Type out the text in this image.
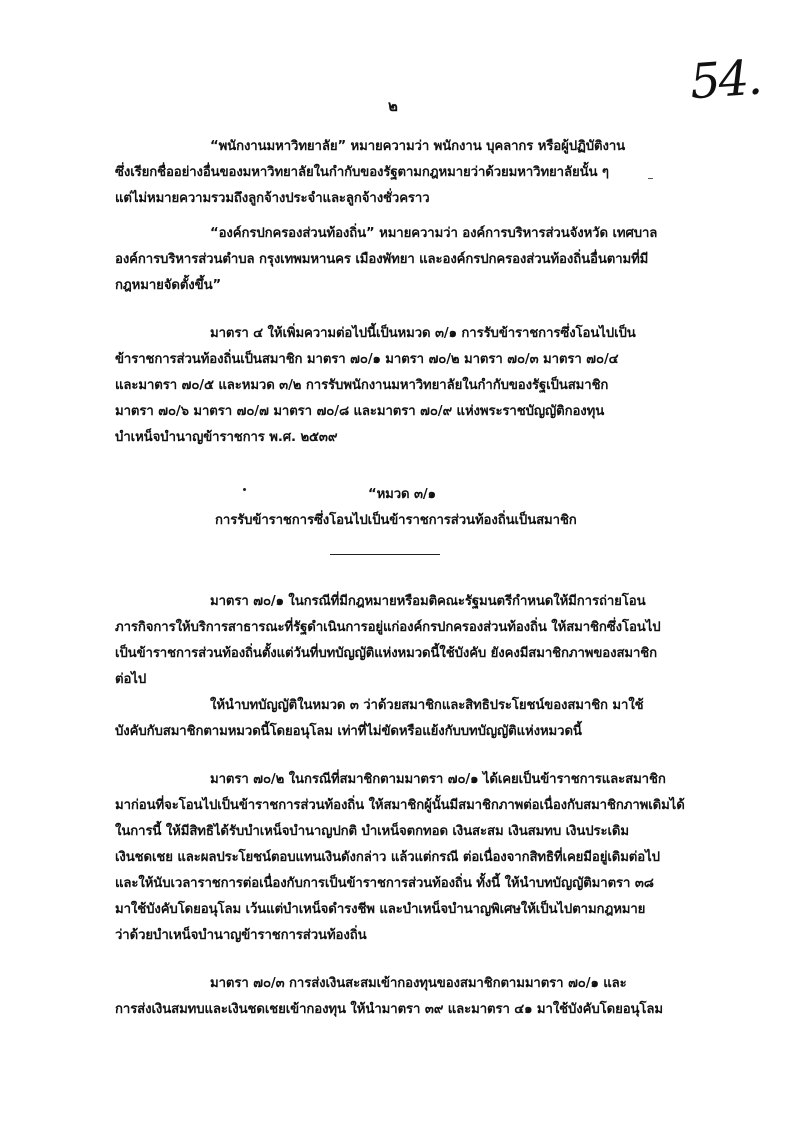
54.
๒
“พนักงานมหาวิทยาลัย” หมายความว่า พนักงาน บุคลากร หรือผู้ปฏิบัติงาน
ซึ่งเรียกชื่ออย่างอื่นของมหาวิทยาลัยในกำกับของรัฐตามกฎหมายว่าด้วยมหาวิทยาลัยนั้น ๆ
แต่ไม่หมายความรวมถึงลูกจ้างประจำและลูกจ้างชั่วคราว
“องค์กรปกครองส่วนท้องถิ่น” หมายความว่า องค์การบริหารส่วนจังหวัด เทศบาล
องค์การบริหารส่วนตำบล กรุงเทพมหานคร เมืองพัทยา และองค์กรปกครองส่วนท้องถิ่นอื่นตามที่มี
กฎหมายจัดตั้งขึ้น”
มาตรา ๔ ให้เพิ่มความต่อไปนี้เป็นหมวด ๓/๑ การรับข้าราชการซึ่งโอนไปเป็น
ข้าราชการส่วนท้องถิ่นเป็นสมาชิก มาตรา ๗๐/๑ มาตรา ๗๐/๒ มาตรา ๗๐/๓ มาตรา ๗๐/๔
และมาตรา ๗๐/๕ และหมวด ๓/๒ การรับพนักงานมหาวิทยาลัยในกำกับของรัฐเป็นสมาชิก
มาตรา ๗๐/๖ มาตรา ๗๐/๗ มาตรา ๗๐/๘ และมาตรา ๗๐/๙ แห่งพระราชบัญญัติกองทุน
บำเหน็จบำนาญข้าราชการ พ.ศ. ๒๕๓๙
“หมวด ๓/๑
การรับข้าราชการซึ่งโอนไปเป็นข้าราชการส่วนท้องถิ่นเป็นสมาชิก
มาตรา ๗๐/๑ ในกรณีที่มีกฎหมายหรือมติคณะรัฐมนตรีกำหนดให้มีการถ่ายโอน
ภารกิจการให้บริการสาธารณะที่รัฐดำเนินการอยู่แก่องค์กรปกครองส่วนท้องถิ่น ให้สมาชิกซึ่งโอนไป
เป็นข้าราชการส่วนท้องถิ่นตั้งแต่วันที่บทบัญญัติแห่งหมวดนี้ใช้บังคับ ยังคงมีสมาชิกภาพของสมาชิก
ต่อไป
ให้นำบทบัญญัติในหมวด ๓ ว่าด้วยสมาชิกและสิทธิประโยชน์ของสมาชิก มาใช้
บังคับกับสมาชิกตามหมวดนี้โดยอนุโลม เท่าที่ไม่ขัดหรือแย้งกับบทบัญญัติแห่งหมวดนี้
มาตรา ๗๐/๒ ในกรณีที่สมาชิกตามมาตรา ๗๐/๑ ได้เคยเป็นข้าราชการและสมาชิก
มาก่อนที่จะโอนไปเป็นข้าราชการส่วนท้องถิ่น ให้สมาชิกผู้นั้นมีสมาชิกภาพต่อเนื่องกับสมาชิกภาพเดิมได้
ในการนี้ ให้มีสิทธิได้รับบำเหน็จบำนาญปกติ บำเหน็จตกทอด เงินสะสม เงินสมทบ เงินประเดิม
เงินชดเชย และผลประโยชน์ตอบแทนเงินดังกล่าว แล้วแต่กรณี ต่อเนื่องจากสิทธิที่เคยมีอยู่เดิมต่อไป
และให้นับเวลาราชการต่อเนื่องกับการเป็นข้าราชการส่วนท้องถิ่น ทั้งนี้ ให้นำบทบัญญัติมาตรา ๓๘
มาใช้บังคับโดยอนุโลม เว้นแต่บำเหน็จดำรงชีพ และบำเหน็จบำนาญพิเศษให้เป็นไปตามกฎหมาย
ว่าด้วยบำเหน็จบำนาญข้าราชการส่วนท้องถิ่น
มาตรา ๗๐/๓ การส่งเงินสะสมเข้ากองทุนของสมาชิกตามมาตรา ๗๐/๑ และ
การส่งเงินสมทบและเงินชดเชยเข้ากองทุน ให้นำมาตรา ๓๙ และมาตรา ๔๑ มาใช้บังคับโดยอนุโลม
